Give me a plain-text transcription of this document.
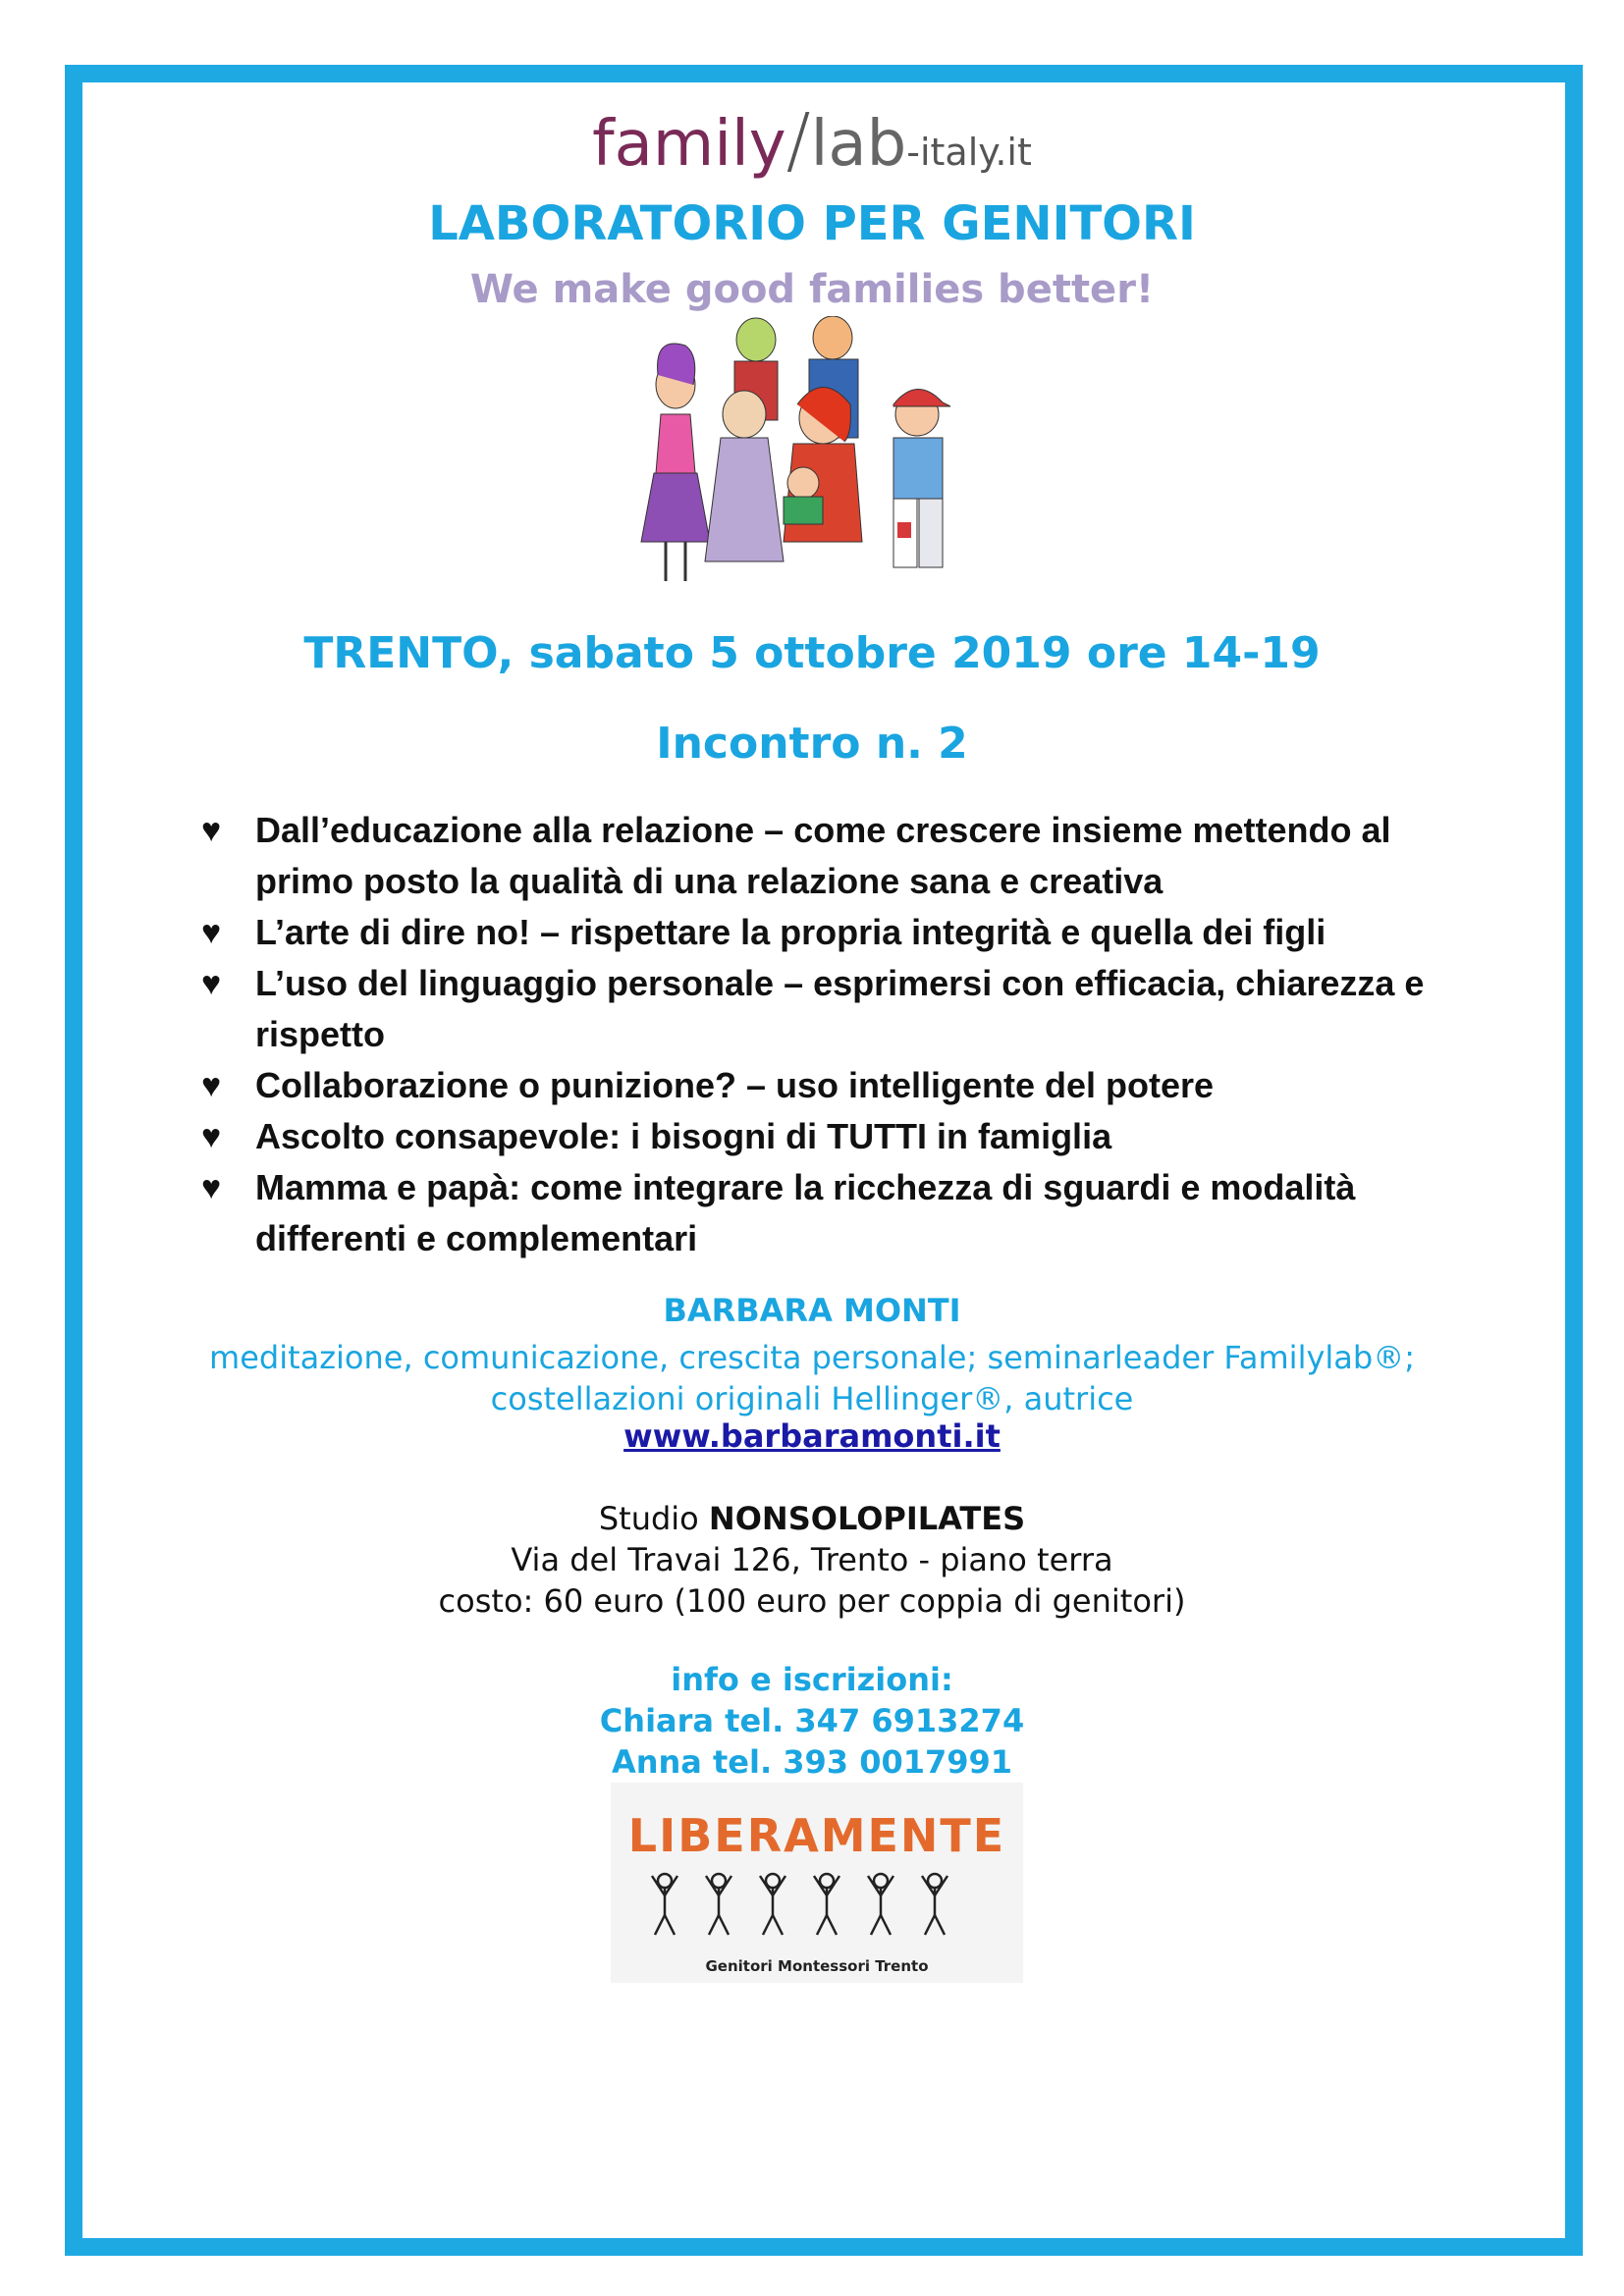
family/lab-italy.it
LABORATORIO PER GENITORI
We make good families better!
TRENTO, sabato 5 ottobre 2019 ore 14-19
Incontro n. 2
♥ Dall’educazione alla relazione – come crescere insieme mettendo al primo posto la qualità di una relazione sana e creativa
♥ L’arte di dire no! – rispettare la propria integrità e quella dei figli
♥ L’uso del linguaggio personale – esprimersi con efficacia, chiarezza e rispetto
♥ Collaborazione o punizione? – uso intelligente del potere
♥ Ascolto consapevole: i bisogni di TUTTI in famiglia
♥ Mamma e papà: come integrare la ricchezza di sguardi e modalità differenti e complementari
BARBARA MONTI
meditazione, comunicazione, crescita personale; seminarleader Familylab®;
costellazioni originali Hellinger®, autrice
www.barbaramonti.it
Studio NONSOLOPILATES
Via del Travai 126, Trento - piano terra
costo: 60 euro (100 euro per coppia di genitori)
info e iscrizioni:
Chiara tel. 347 6913274
Anna tel. 393 0017991
LIBERAMENTE
Genitori Montessori Trento
